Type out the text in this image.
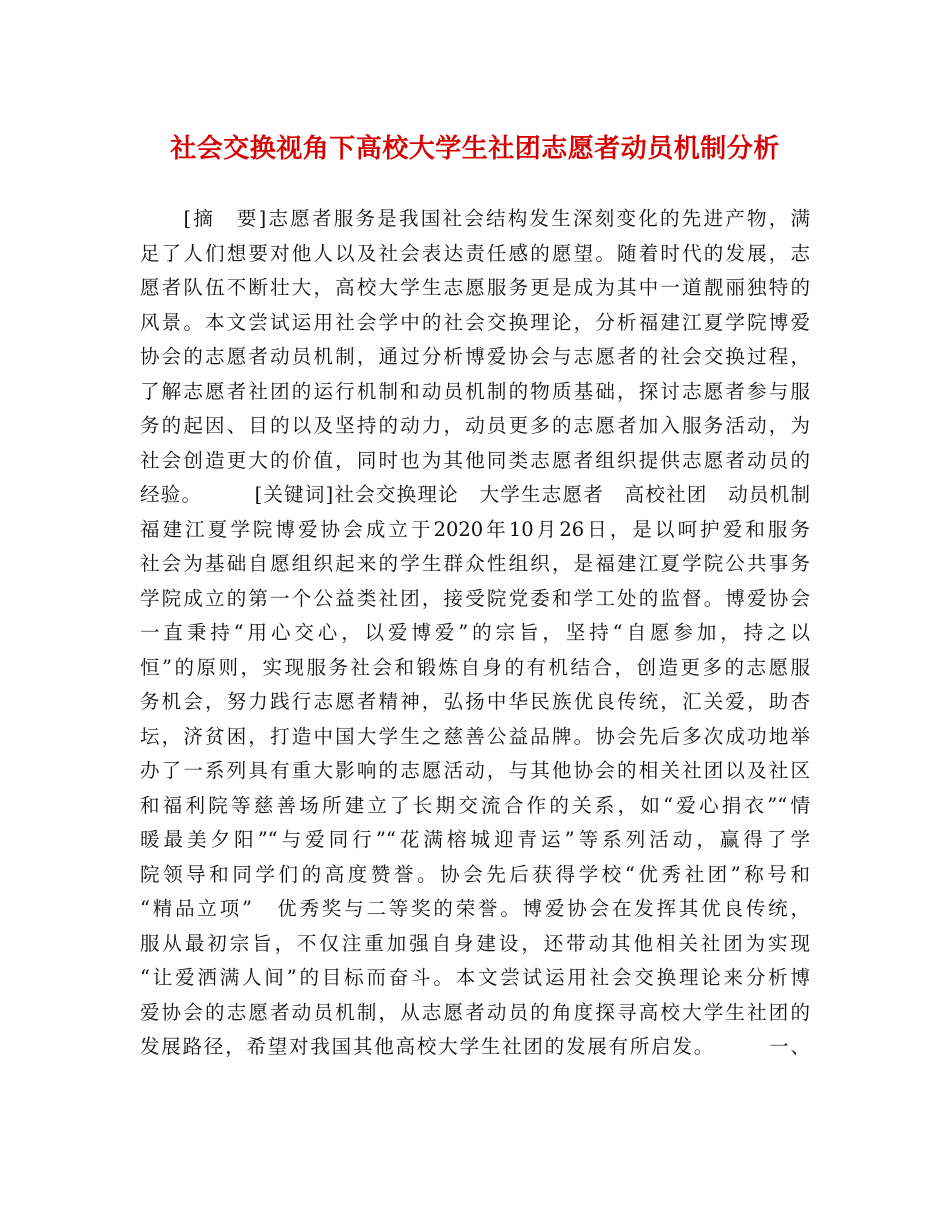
社会交换视角下高校大学生社团志愿者动员机制分析
　　[摘　要]志愿者服务是我国社会结构发生深刻变化的先进产物，满
足了人们想要对他人以及社会表达责任感的愿望。随着时代的发展，志
愿者队伍不断壮大，高校大学生志愿服务更是成为其中一道靓丽独特的
风景。本文尝试运用社会学中的社会交换理论，分析福建江夏学院博爱
协会的志愿者动员机制，通过分析博爱协会与志愿者的社会交换过程，
了解志愿者社团的运行机制和动员机制的物质基础，探讨志愿者参与服
务的起因、目的以及坚持的动力，动员更多的志愿者加入服务活动，为
社会创造更大的价值，同时也为其他同类志愿者组织提供志愿者动员的
经验。　　　[关键词]社会交换理论　大学生志愿者　高校社团　动员机制
福建江夏学院博爱协会成立于2020年10月26日，是以呵护爱和服务
社会为基础自愿组织起来的学生群众性组织，是福建江夏学院公共事务
学院成立的第一个公益类社团，接受院党委和学工处的监督。博爱协会
一直秉持“用心交心，以爱博爱”的宗旨，坚持“自愿参加，持之以
恒”的原则，实现服务社会和锻炼自身的有机结合，创造更多的志愿服
务机会，努力践行志愿者精神，弘扬中华民族优良传统，汇关爱，助杏
坛，济贫困，打造中国大学生之慈善公益品牌。协会先后多次成功地举
办了一系列具有重大影响的志愿活动，与其他协会的相关社团以及社区
和福利院等慈善场所建立了长期交流合作的关系，如“爱心捐衣”“情
暖最美夕阳”“与爱同行”“花满榕城迎青运”等系列活动，赢得了学
院领导和同学们的高度赞誉。协会先后获得学校“优秀社团”称号和
“精品立项”　优秀奖与二等奖的荣誉。博爱协会在发挥其优良传统，
服从最初宗旨，不仅注重加强自身建设，还带动其他相关社团为实现
“让爱洒满人间”的目标而奋斗。本文尝试运用社会交换理论来分析博
爱协会的志愿者动员机制，从志愿者动员的角度探寻高校大学生社团的
发展路径，希望对我国其他高校大学生社团的发展有所启发。　　　一、
